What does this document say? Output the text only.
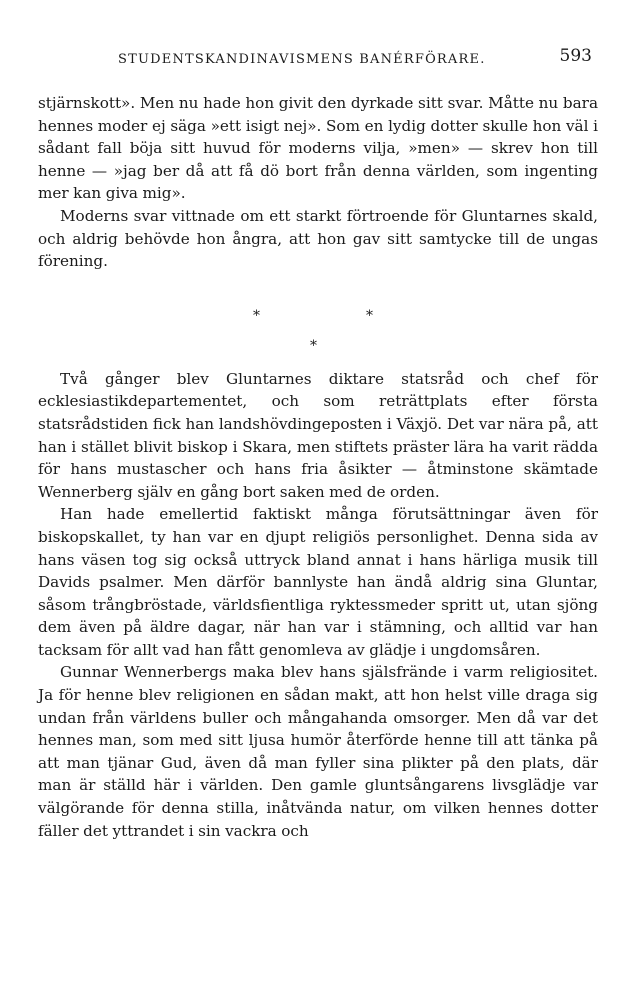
STUDENTSKANDINAVISMENS BANÉRFÖRARE.	593

stjärnskott». Men nu hade hon givit den dyrkade sitt svar. Måtte nu bara hennes moder ej säga »ett isigt nej». Som en lydig dotter skulle hon väl i sådant fall böja sitt huvud för moderns vilja, »men» — skrev hon till henne — »jag ber då att få dö bort från denna världen, som ingenting mer kan giva mig».

Moderns svar vittnade om ett starkt förtroende för Gluntarnes skald, och aldrig behövde hon ångra, att hon gav sitt samtycke till de ungas förening.

*	*
*

Två gånger blev Gluntarnes diktare statsråd och chef för ecklesiastikdepartementet, och som reträttplats efter första statsrådstiden fick han landshövdingeposten i Växjö. Det var nära på, att han i stället blivit biskop i Skara, men stiftets präster lära ha varit rädda för hans mustascher och hans fria åsikter — åtminstone skämtade Wennerberg själv en gång bort saken med de orden.

Han hade emellertid faktiskt många förutsättningar även för biskopskallet, ty han var en djupt religiös personlighet. Denna sida av hans väsen tog sig också uttryck bland annat i hans härliga musik till Davids psalmer. Men därför bannlyste han ändå aldrig sina Gluntar, såsom trångbröstade, världsfientliga ryktessmeder spritt ut, utan sjöng dem även på äldre dagar, när han var i stämning, och alltid var han tacksam för allt vad han fått genomleva av glädje i ungdomsåren.

Gunnar Wennerbergs maka blev hans själsfrände i varm religiositet. Ja för henne blev religionen en sådan makt, att hon helst ville draga sig undan från världens buller och mångahanda omsorger. Men då var det hennes man, som med sitt ljusa humör återförde henne till att tänka på att man tjänar Gud, även då man fyller sina plikter på den plats, där man är ställd här i världen. Den gamle gluntsångarens livsglädje var välgörande för denna stilla, inåtvända natur, om vilken hennes dotter fäller det yttrandet i sin vackra och
